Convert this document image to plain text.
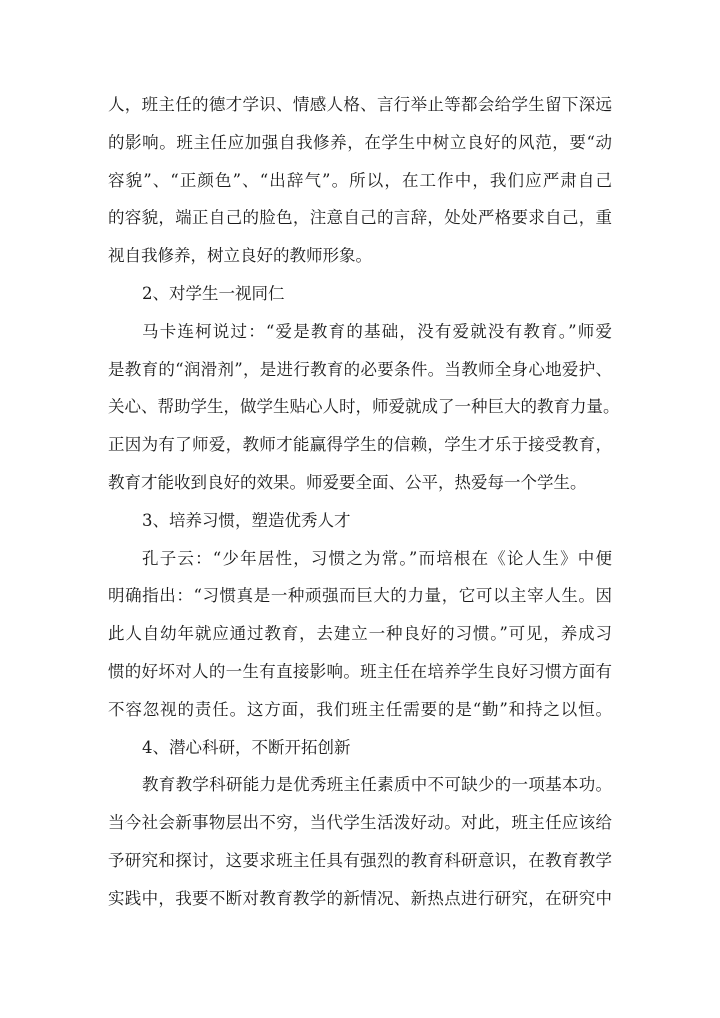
人，班主任的德才学识、情感人格、言行举止等都会给学生留下深远
的影响。班主任应加强自我修养，在学生中树立良好的风范，要“动
容貌”、“正颜色”、“出辞气”。所以，在工作中，我们应严肃自己
的容貌，端正自己的脸色，注意自己的言辞，处处严格要求自己，重
视自我修养，树立良好的教师形象。
2、对学生一视同仁
马卡连柯说过：“爱是教育的基础，没有爱就没有教育。”师爱
是教育的“润滑剂”，是进行教育的必要条件。当教师全身心地爱护、
关心、帮助学生，做学生贴心人时，师爱就成了一种巨大的教育力量。
正因为有了师爱，教师才能赢得学生的信赖，学生才乐于接受教育，
教育才能收到良好的效果。师爱要全面、公平，热爱每一个学生。
3、培养习惯，塑造优秀人才
孔子云：“少年居性，习惯之为常。”而培根在《论人生》中便
明确指出：“习惯真是一种顽强而巨大的力量，它可以主宰人生。因
此人自幼年就应通过教育，去建立一种良好的习惯。”可见，养成习
惯的好坏对人的一生有直接影响。班主任在培养学生良好习惯方面有
不容忽视的责任。这方面，我们班主任需要的是“勤”和持之以恒。
4、潜心科研，不断开拓创新
教育教学科研能力是优秀班主任素质中不可缺少的一项基本功。
当今社会新事物层出不穷，当代学生活泼好动。对此，班主任应该给
予研究和探讨，这要求班主任具有强烈的教育科研意识，在教育教学
实践中，我要不断对教育教学的新情况、新热点进行研究，在研究中
